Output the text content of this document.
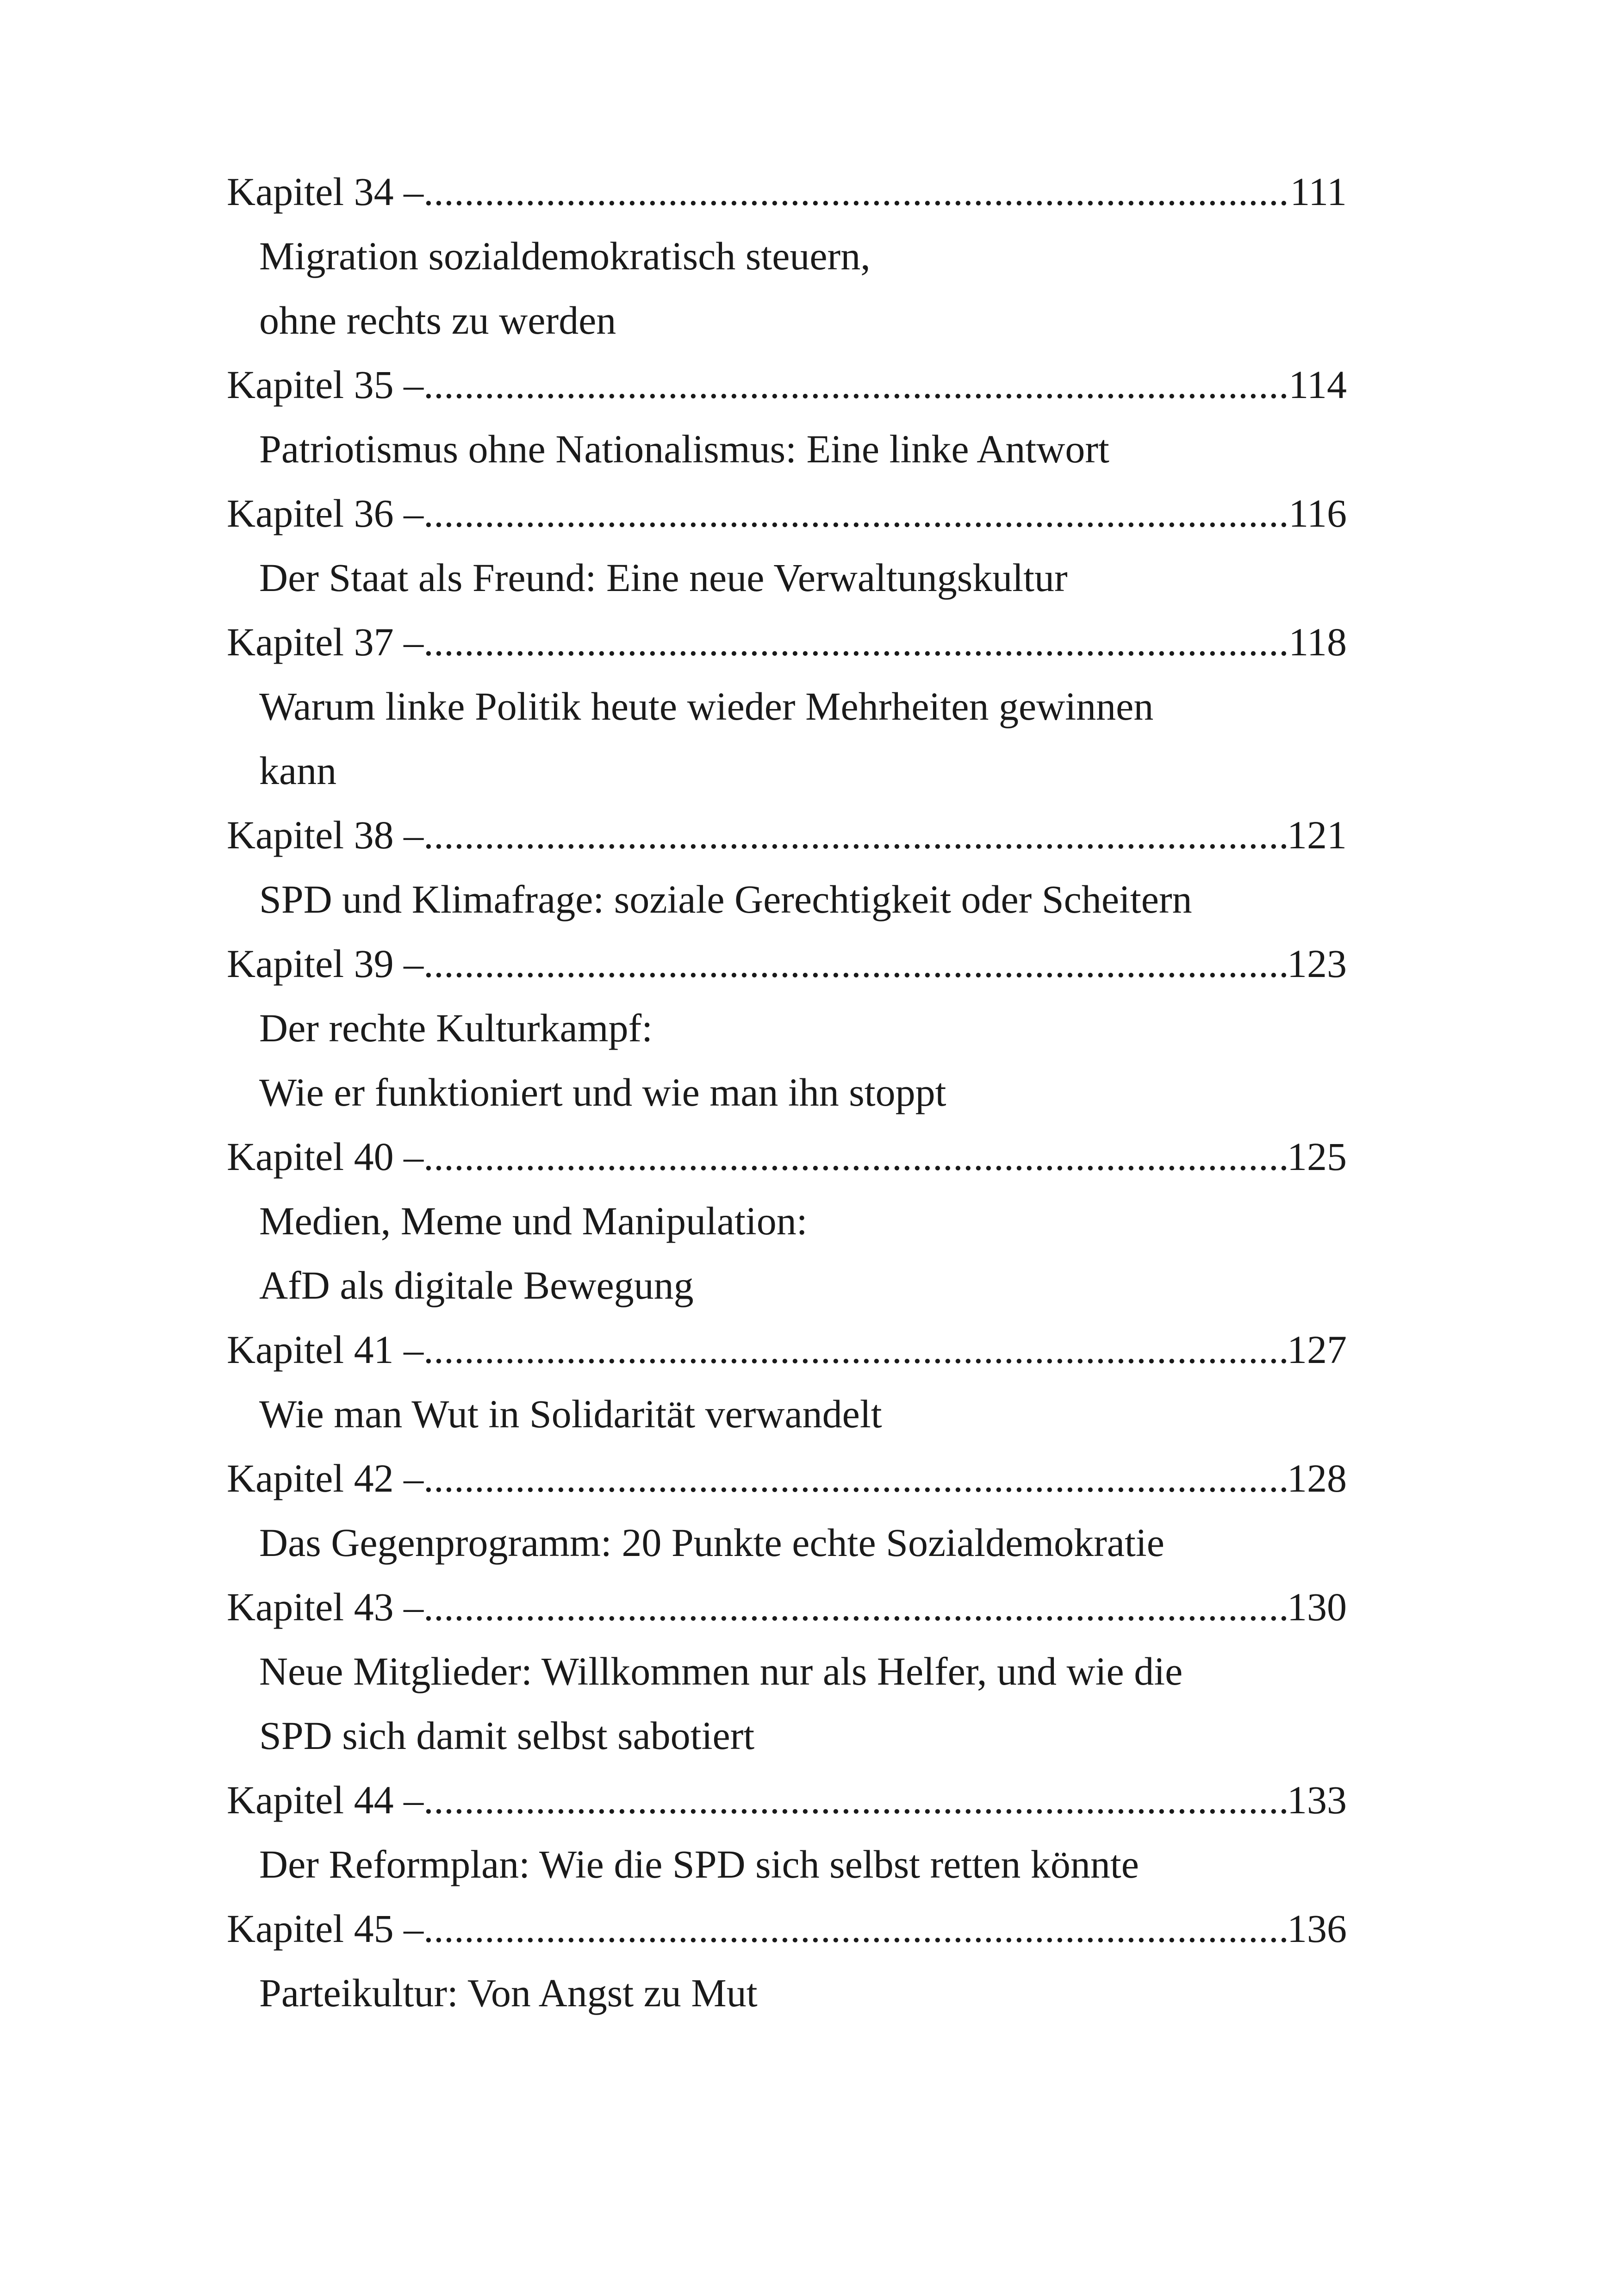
Kapitel 34 – .....	111
Migration sozialdemokratisch steuern,
ohne rechts zu werden
Kapitel 35 – .....	114
Patriotismus ohne Nationalismus: Eine linke Antwort
Kapitel 36 – .....	116
Der Staat als Freund: Eine neue Verwaltungskultur
Kapitel 37 – .....	118
Warum linke Politik heute wieder Mehrheiten gewinnen
kann
Kapitel 38 – .....	121
SPD und Klimafrage: soziale Gerechtigkeit oder Scheitern
Kapitel 39 – .....	123
Der rechte Kulturkampf:
Wie er funktioniert und wie man ihn stoppt
Kapitel 40 – .....	125
Medien, Meme und Manipulation:
AfD als digitale Bewegung
Kapitel 41 – .....	127
Wie man Wut in Solidarität verwandelt
Kapitel 42 – .....	128
Das Gegenprogramm: 20 Punkte echte Sozialdemokratie
Kapitel 43 – .....	130
Neue Mitglieder: Willkommen nur als Helfer, und wie die
SPD sich damit selbst sabotiert
Kapitel 44 – .....	133
Der Reformplan: Wie die SPD sich selbst retten könnte
Kapitel 45 – .....	136
Parteikultur: Von Angst zu Mut
